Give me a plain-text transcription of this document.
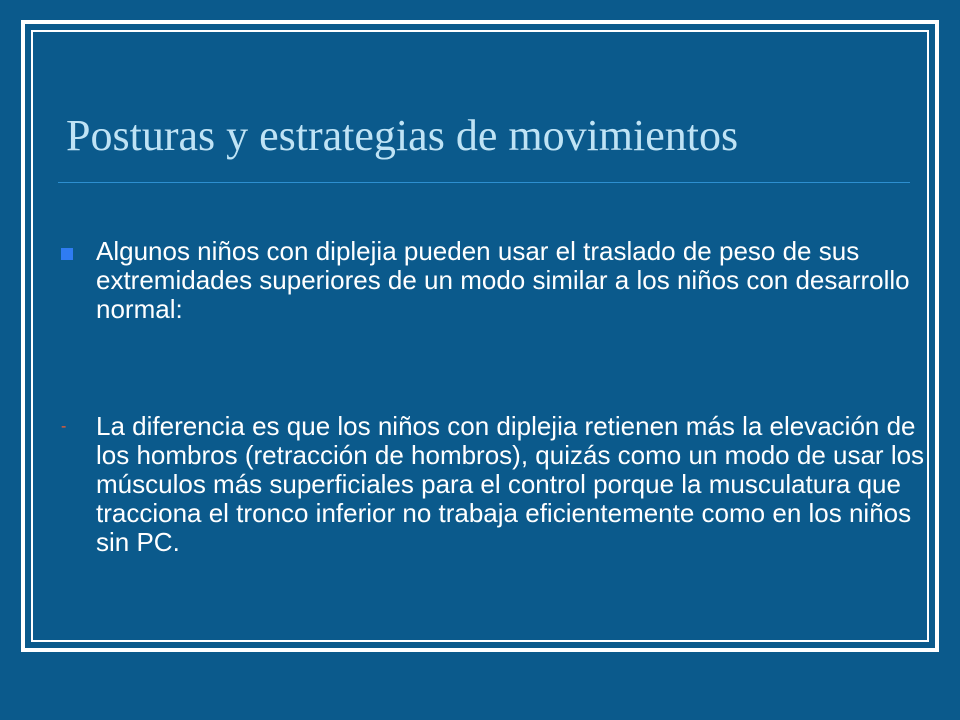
Posturas y estrategias de movimientos
Algunos niños con diplejia pueden usar el traslado de peso de sus extremidades superiores de un modo similar a los niños con desarrollo normal:
- La diferencia es que los niños con diplejia retienen más la elevación de los hombros (retracción de hombros), quizás como un modo de usar los músculos más superficiales para el control porque la musculatura que tracciona el tronco inferior no trabaja eficientemente como en los niños sin PC.
